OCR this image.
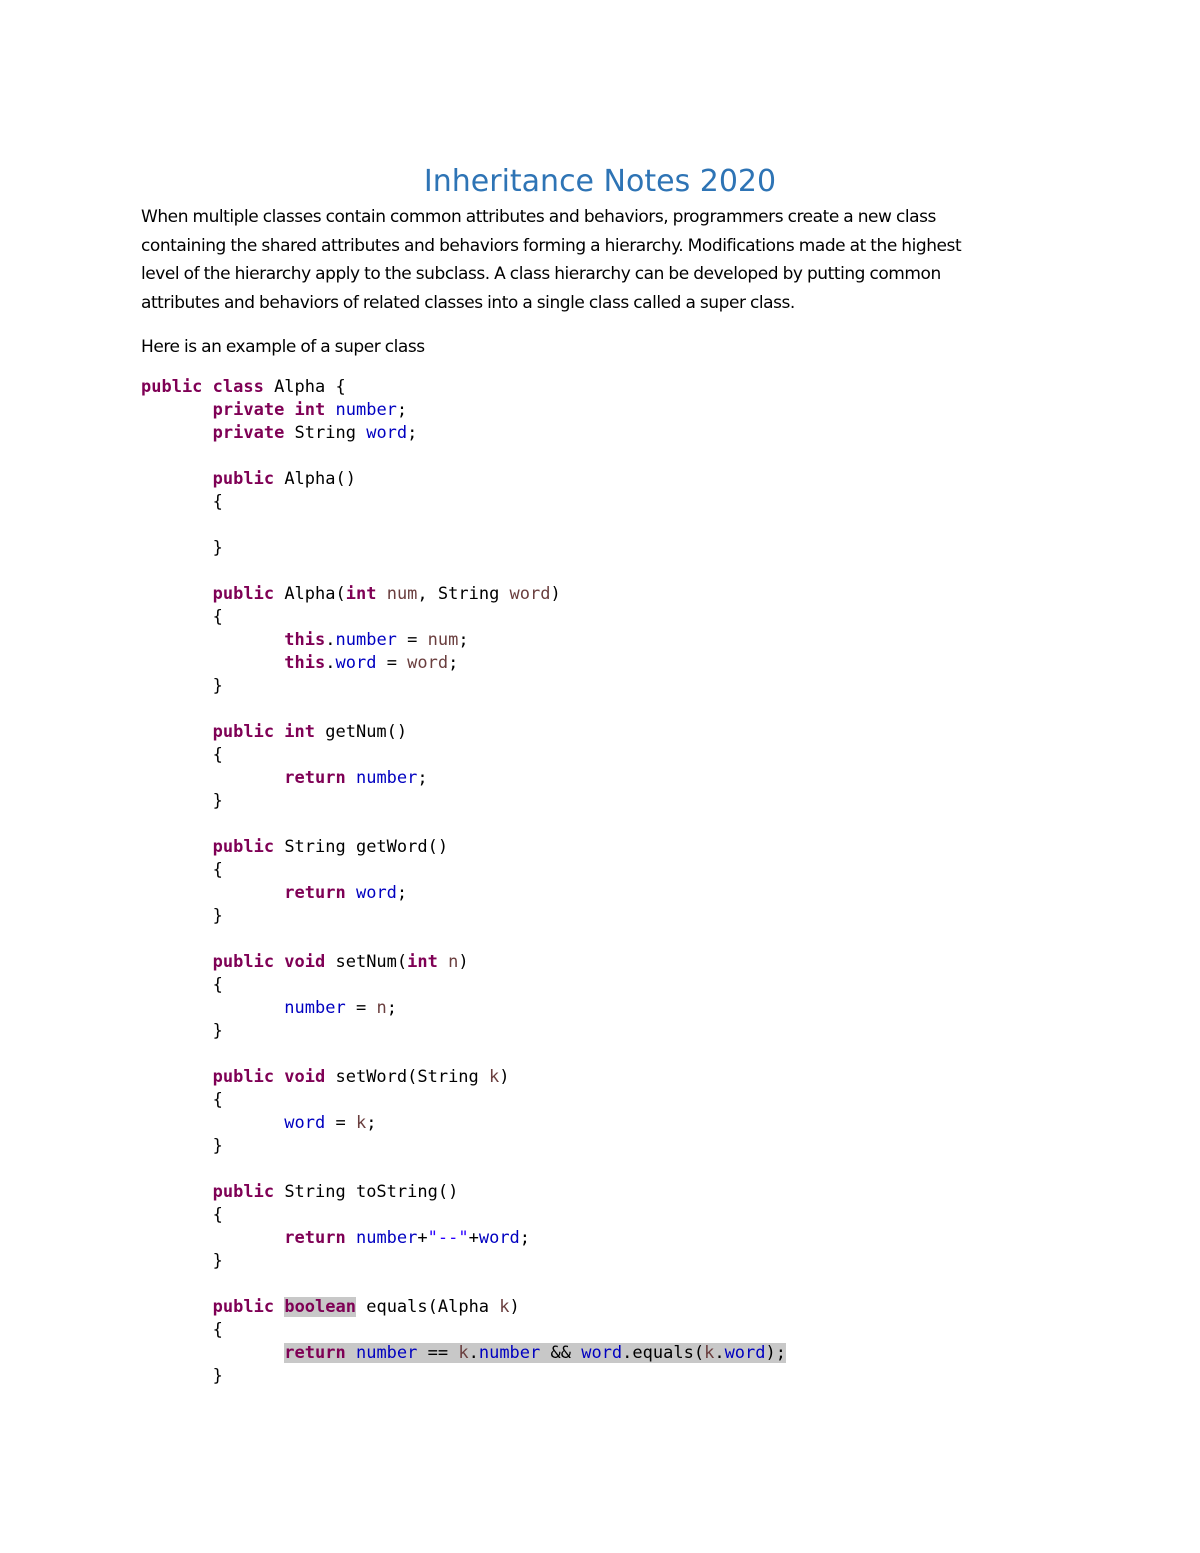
Inheritance Notes 2020
When multiple classes contain common attributes and behaviors, programmers create a new class
containing the shared attributes and behaviors forming a hierarchy. Modifications made at the highest
level of the hierarchy apply to the subclass. A class hierarchy can be developed by putting common
attributes and behaviors of related classes into a single class called a super class.
Here is an example of a super class
public class Alpha {
	private int number;
	private String word;
	public Alpha()
	{
	}
	public Alpha(int num, String word)
	{
		this.number = num;
		this.word = word;
	}
	public int getNum()
	{
		return number;
	}
	public String getWord()
	{
		return word;
	}
	public void setNum(int n)
	{
		number = n;
	}
	public void setWord(String k)
	{
		word = k;
	}
	public String toString()
	{
		return number+"--"+word;
	}
	public boolean equals(Alpha k)
	{
		return number == k.number && word.equals(k.word);
	}
